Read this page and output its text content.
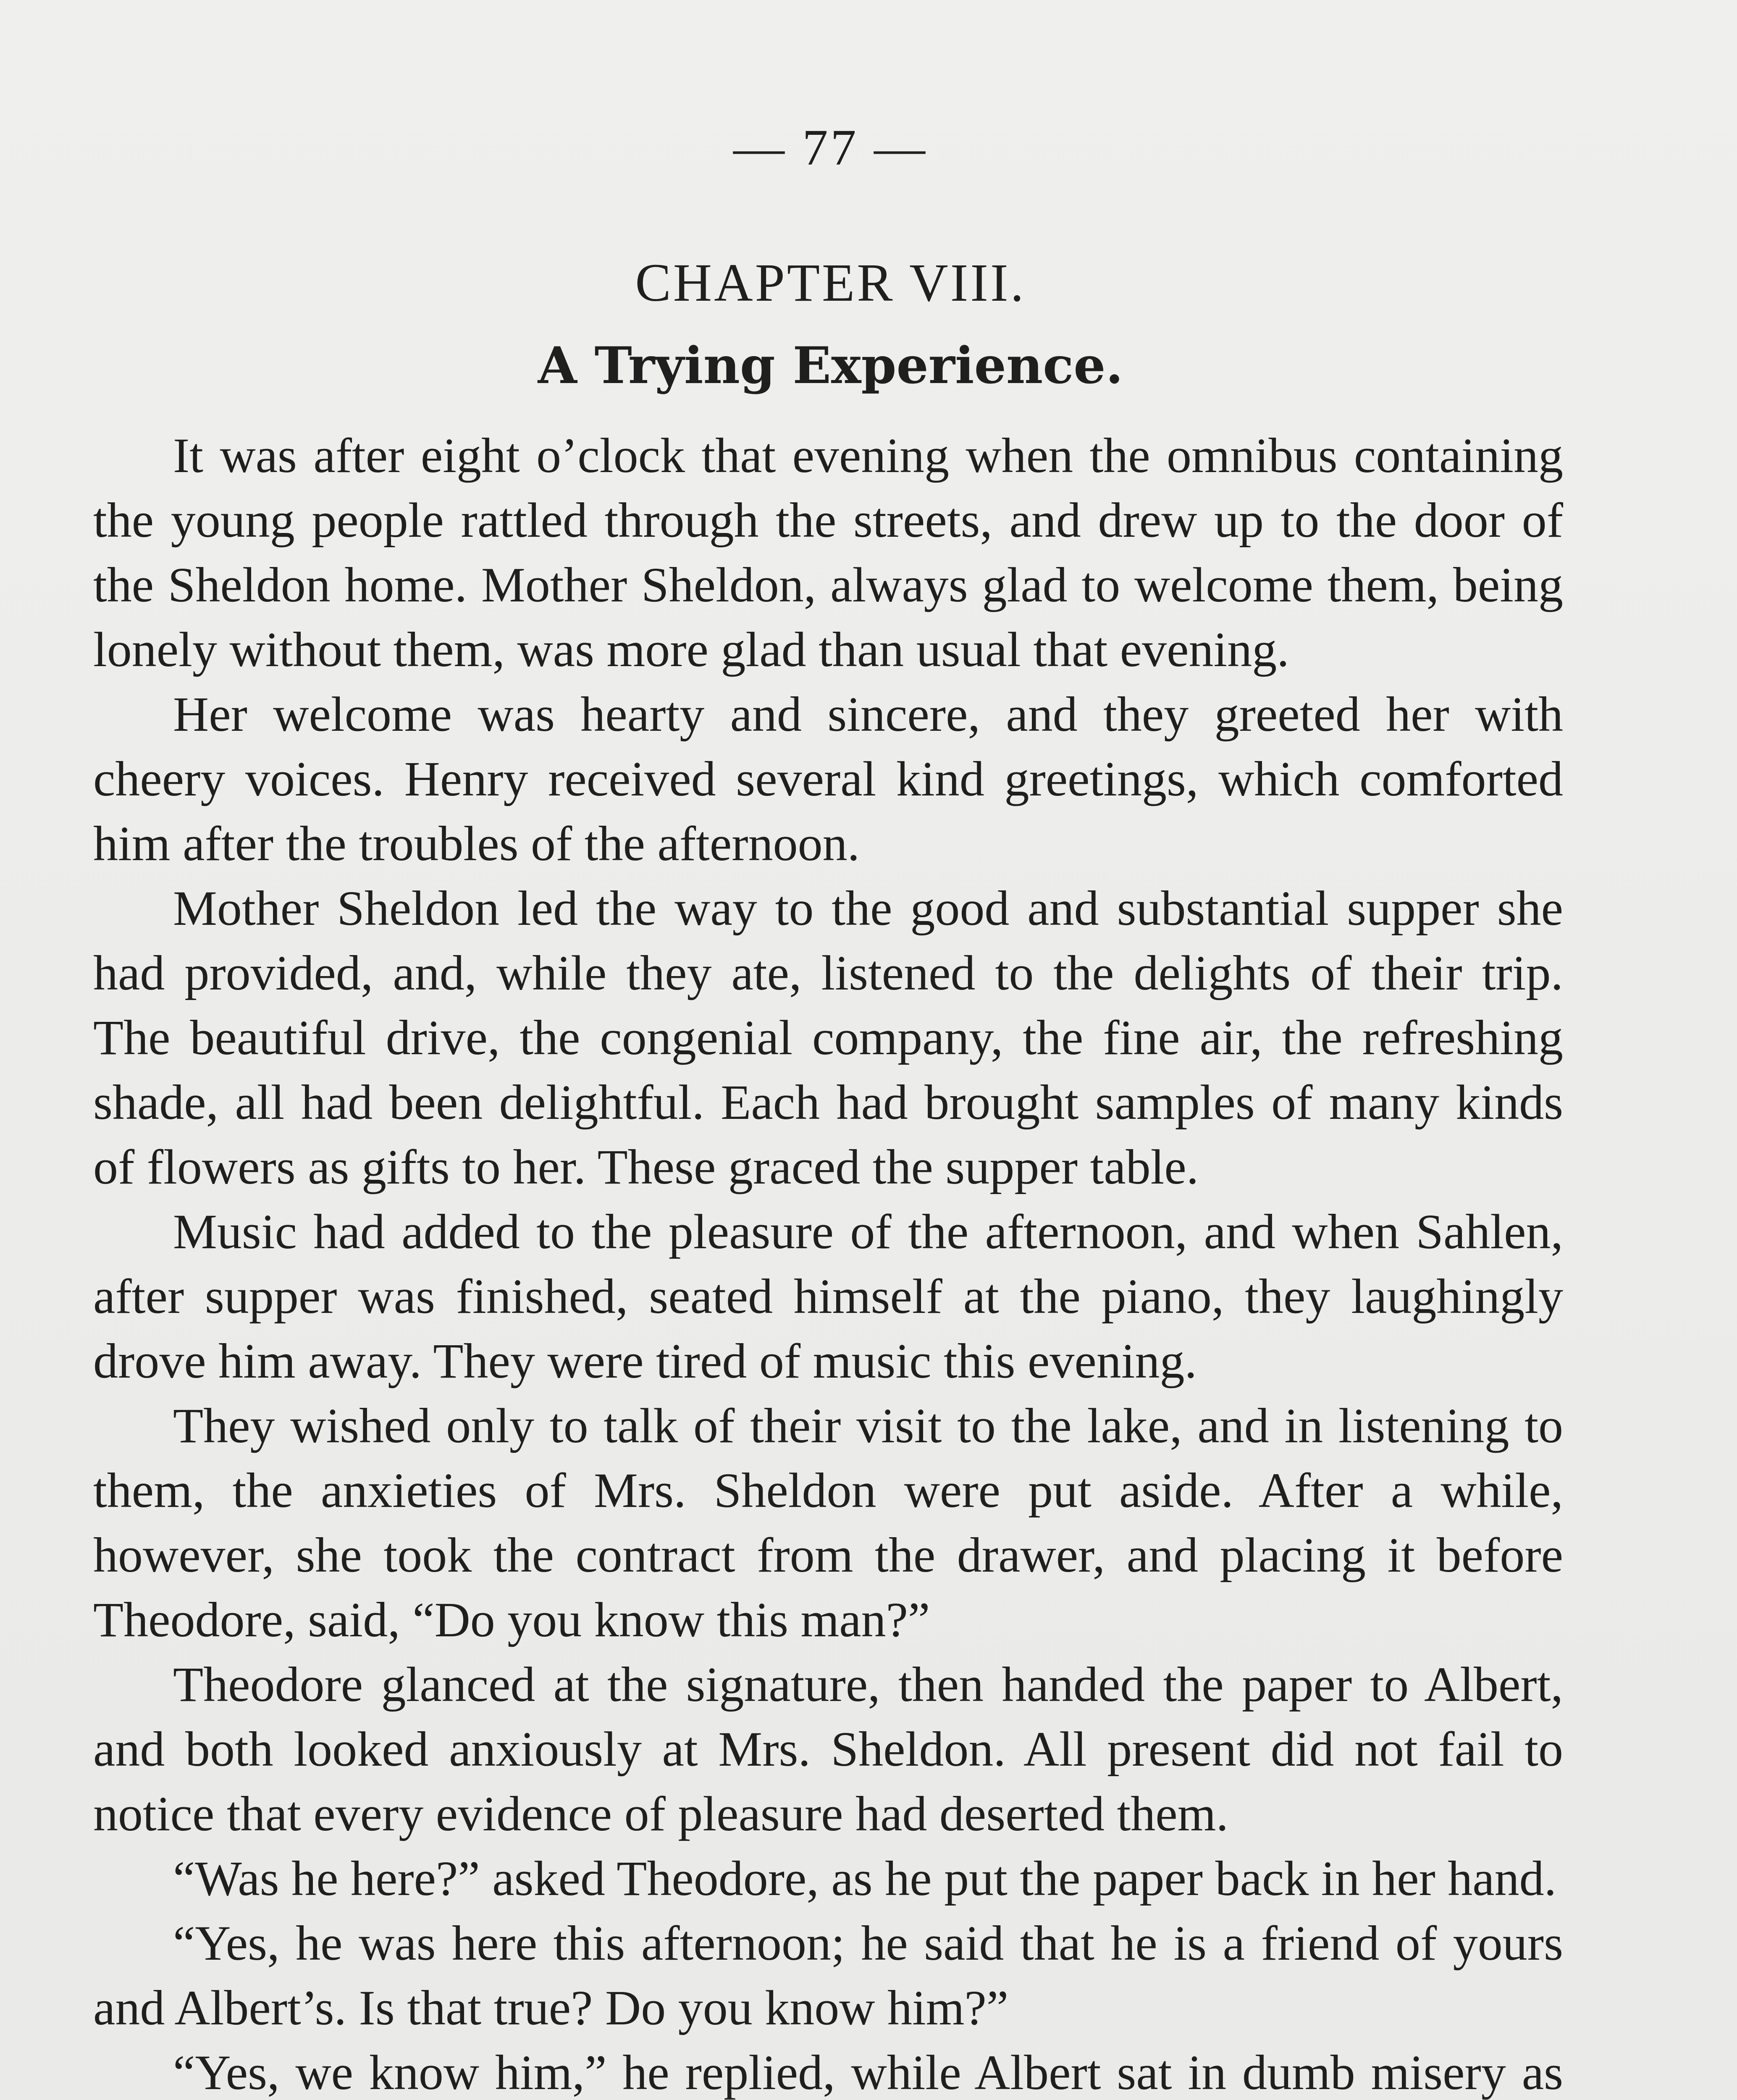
— 77 —
CHAPTER VIII.
A Trying Experience.

It was after eight o’clock that evening when the omnibus containing the young people rattled through the streets, and drew up to the door of the Sheldon home. Mother Sheldon, always glad to welcome them, being lonely without them, was more glad than usual that evening.

Her welcome was hearty and sincere, and they greeted her with cheery voices. Henry received several kind greetings, which comforted him after the troubles of the afternoon.

Mother Sheldon led the way to the good and substantial supper she had provided, and, while they ate, listened to the delights of their trip. The beautiful drive, the congenial company, the fine air, the refreshing shade, all had been delightful. Each had brought samples of many kinds of flowers as gifts to her. These graced the supper table.

Music had added to the pleasure of the afternoon, and when Sahlen, after supper was finished, seated himself at the piano, they laughingly drove him away. They were tired of music this evening.

They wished only to talk of their visit to the lake, and in listening to them, the anxieties of Mrs. Sheldon were put aside. After a while, however, she took the contract from the drawer, and placing it before Theodore, said, “Do you know this man?”

Theodore glanced at the signature, then handed the paper to Albert, and both looked anxiously at Mrs. Sheldon. All present did not fail to notice that every evidence of pleasure had deserted them.

“Was he here?” asked Theodore, as he put the paper back in her hand.

“Yes, he was here this afternoon; he said that he is a friend of yours and Albert’s. Is that true? Do you know him?”

“Yes, we know him,” he replied, while Albert sat in dumb misery as
